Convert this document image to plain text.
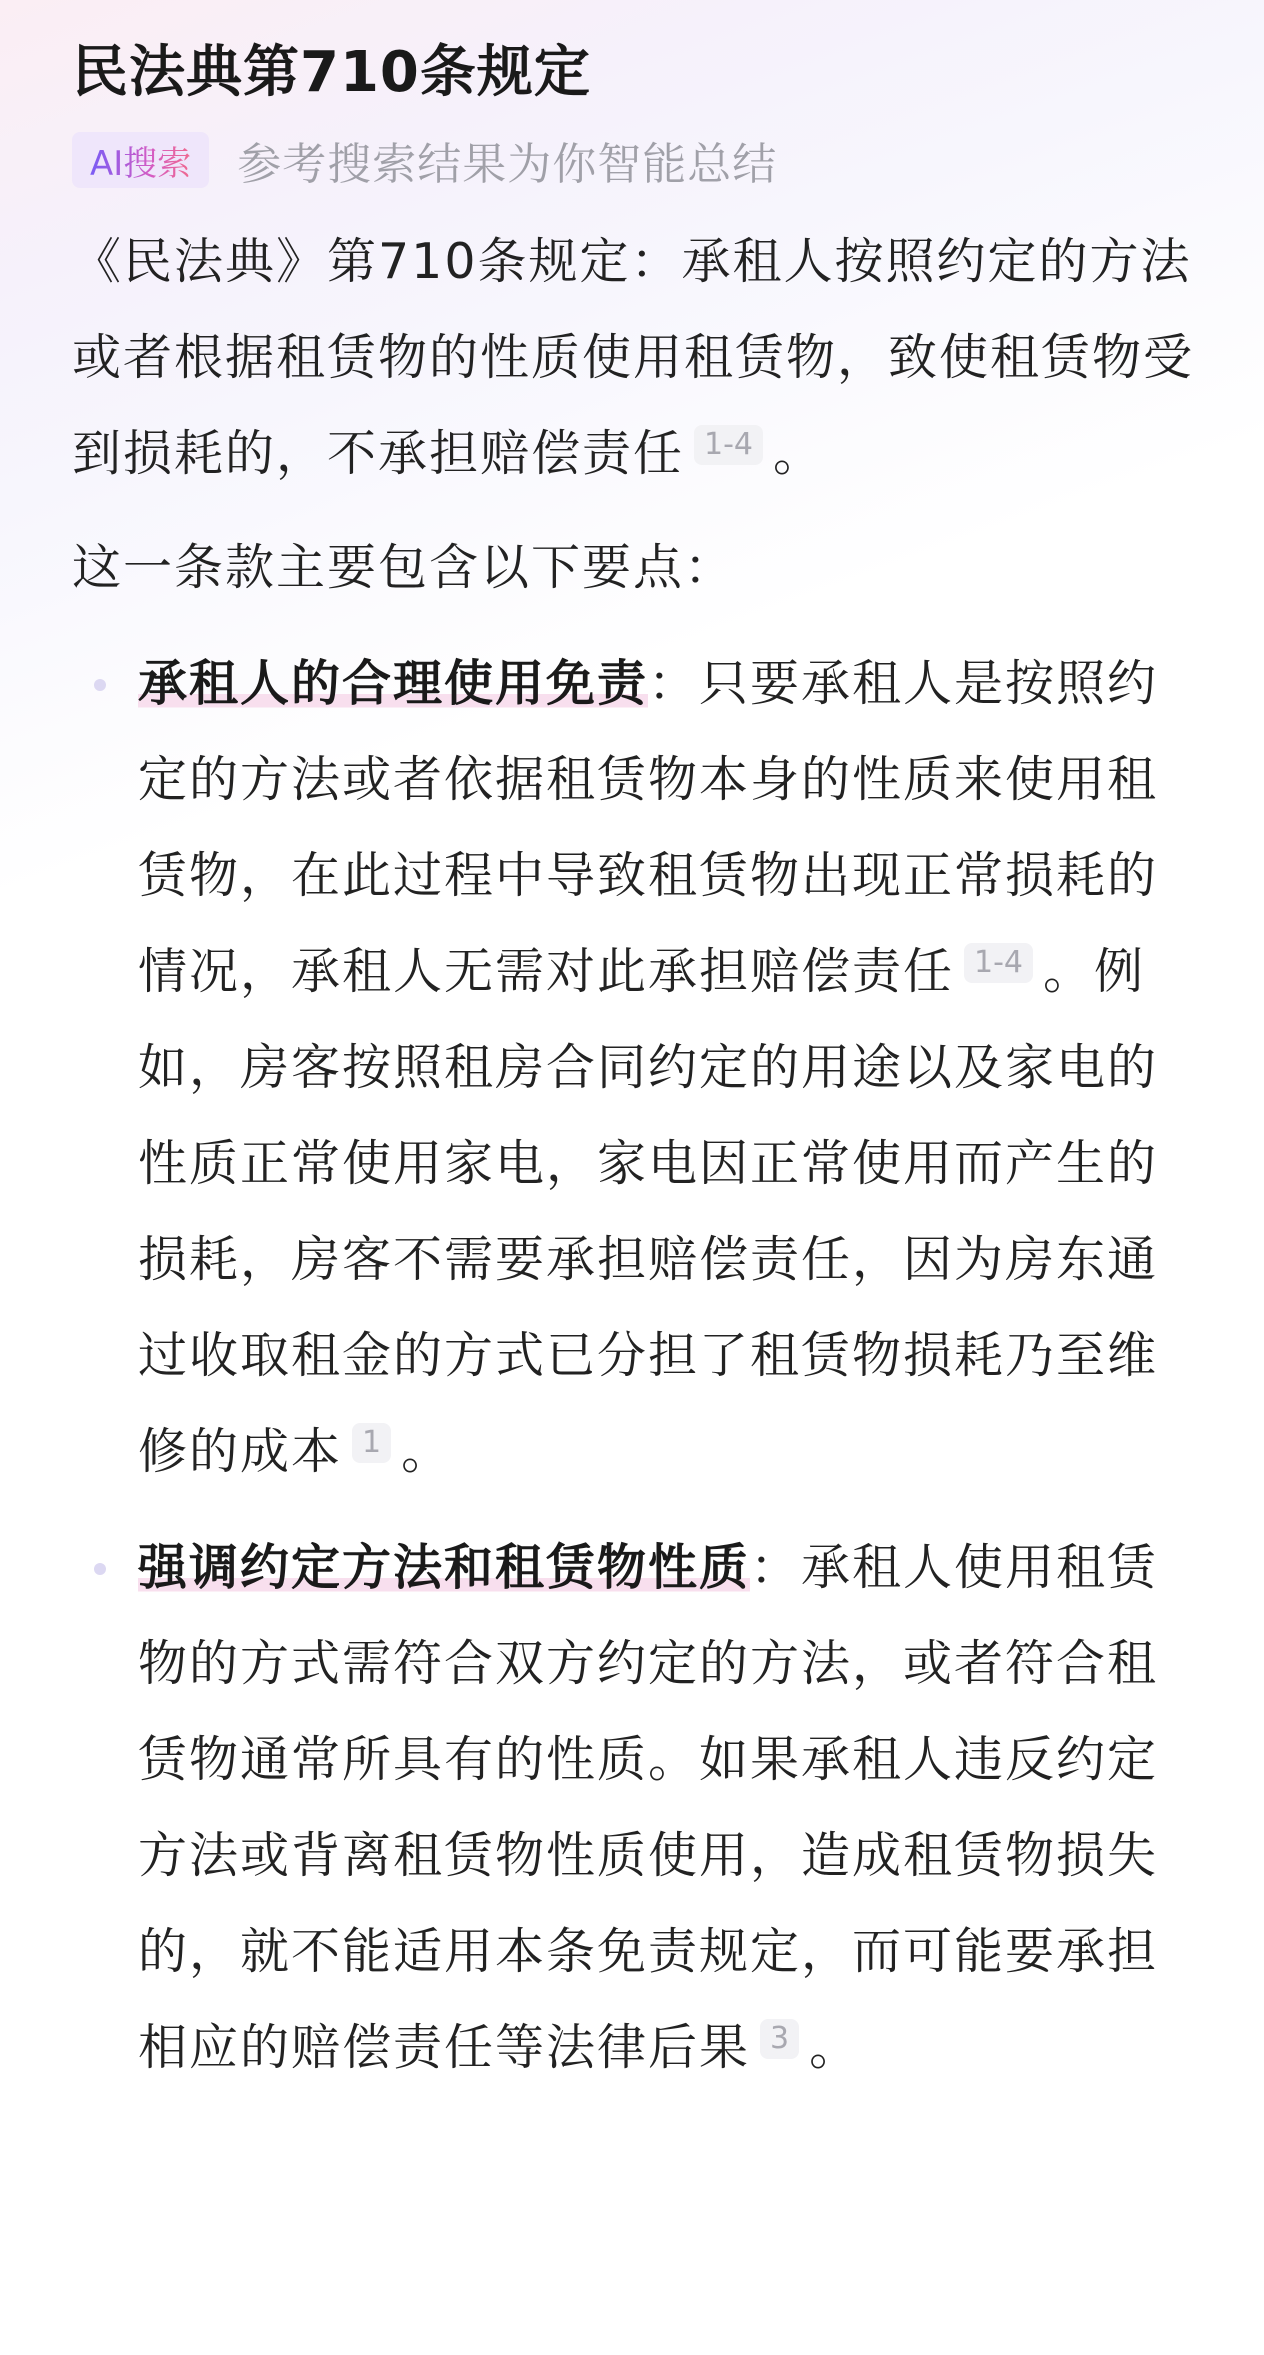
民法典第710条规定
AI搜索 参考搜索结果为你智能总结

《民法典》第710条规定：承租人按照约定的方法或者根据租赁物的性质使用租赁物，致使租赁物受到损耗的，不承担赔偿责任 1-4 。

这一条款主要包含以下要点：

承租人的合理使用免责：只要承租人是按照约定的方法或者依据租赁物本身的性质来使用租赁物，在此过程中导致租赁物出现正常损耗的情况，承租人无需对此承担赔偿责任 1-4 。例如，房客按照租房合同约定的用途以及家电的性质正常使用家电，家电因正常使用而产生的损耗，房客不需要承担赔偿责任，因为房东通过收取租金的方式已分担了租赁物损耗乃至维修的成本 1 。

强调约定方法和租赁物性质：承租人使用租赁物的方式需符合双方约定的方法，或者符合租赁物通常所具有的性质。如果承租人违反约定方法或背离租赁物性质使用，造成租赁物损失的，就不能适用本条免责规定，而可能要承担相应的赔偿责任等法律后果 3 。
